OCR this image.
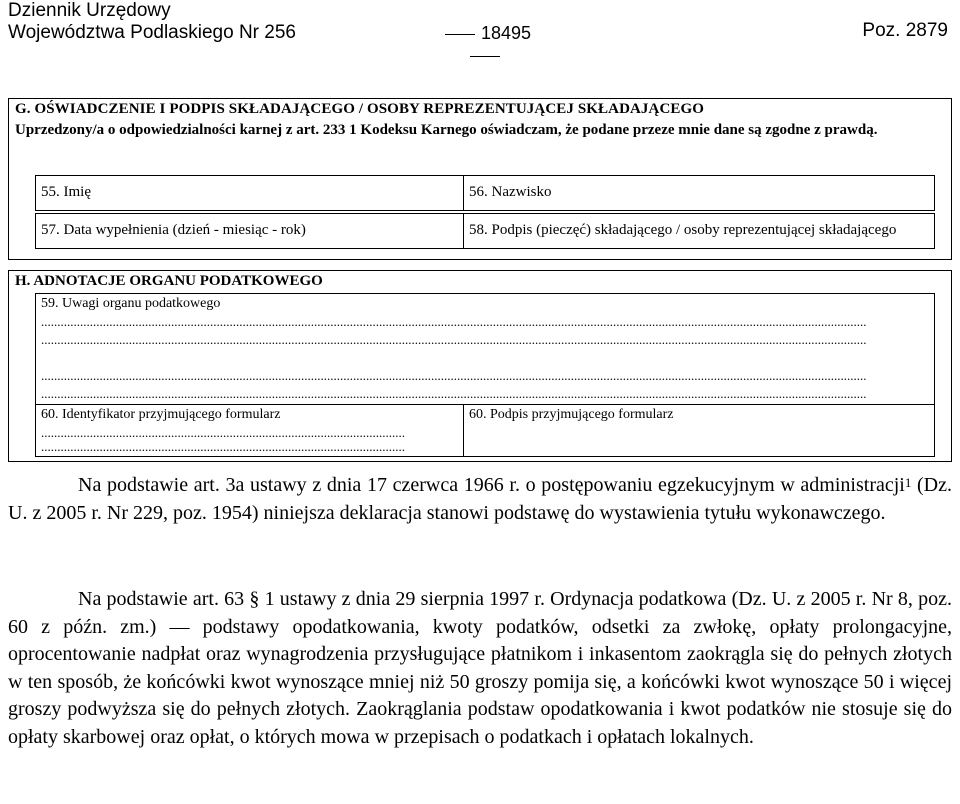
Dziennik Urzędowy
Województwa Podlaskiego Nr 256	18495	Poz. 2879
G. OŚWIADCZENIE I PODPIS SKŁADAJĄCEGO / OSOBY REPREZENTUJĄCEJ SKŁADAJĄCEGO
Uprzedzony/a o odpowiedzialności karnej z art. 233 1 Kodeksu Karnego oświadczam, że podane przeze mnie dane są zgodne z prawdą.
55. Imię	56. Nazwisko
57. Data wypełnienia (dzień - miesiąc - rok)	58. Podpis (pieczęć) składającego / osoby reprezentującej składającego
H. ADNOTACJE ORGANU PODATKOWEGO
59. Uwagi organu podatkowego
..............................................................................................................................................................................................................................................................
..............................................................................................................................................................................................................................................................
..............................................................................................................................................................................................................................................................
..............................................................................................................................................................................................................................................................
60. Identyfikator przyjmującego formularz
................................................................................................................
................................................................................................................
60. Podpis przyjmującego formularz
Na podstawie art. 3a ustawy z dnia 17 czerwca 1966 r. o postępowaniu egzekucyjnym w administracji$^1$ (Dz. U. z 2005 r. Nr 229, poz. 1954) niniejsza deklaracja stanowi podstawę do wystawienia tytułu wykonawczego.
Na podstawie art. 63 § 1 ustawy z dnia 29 sierpnia 1997 r. Ordynacja podatkowa (Dz. U. z 2005 r. Nr 8, poz. 60 z późn. zm.) — podstawy opodatkowania, kwoty podatków, odsetki za zwłokę, opłaty prolongacyjne, oprocentowanie nadpłat oraz wynagrodzenia przysługujące płatnikom i inkasentom zaokrągla się do pełnych złotych w ten sposób, że końcówki kwot wynoszące mniej niż 50 groszy pomija się, a końcówki kwot wynoszące 50 i więcej groszy podwyższa się do pełnych złotych. Zaokrąglania podstaw opodatkowania i kwot podatków nie stosuje się do opłaty skarbowej oraz opłat, o których mowa w przepisach o podatkach i opłatach lokalnych.
